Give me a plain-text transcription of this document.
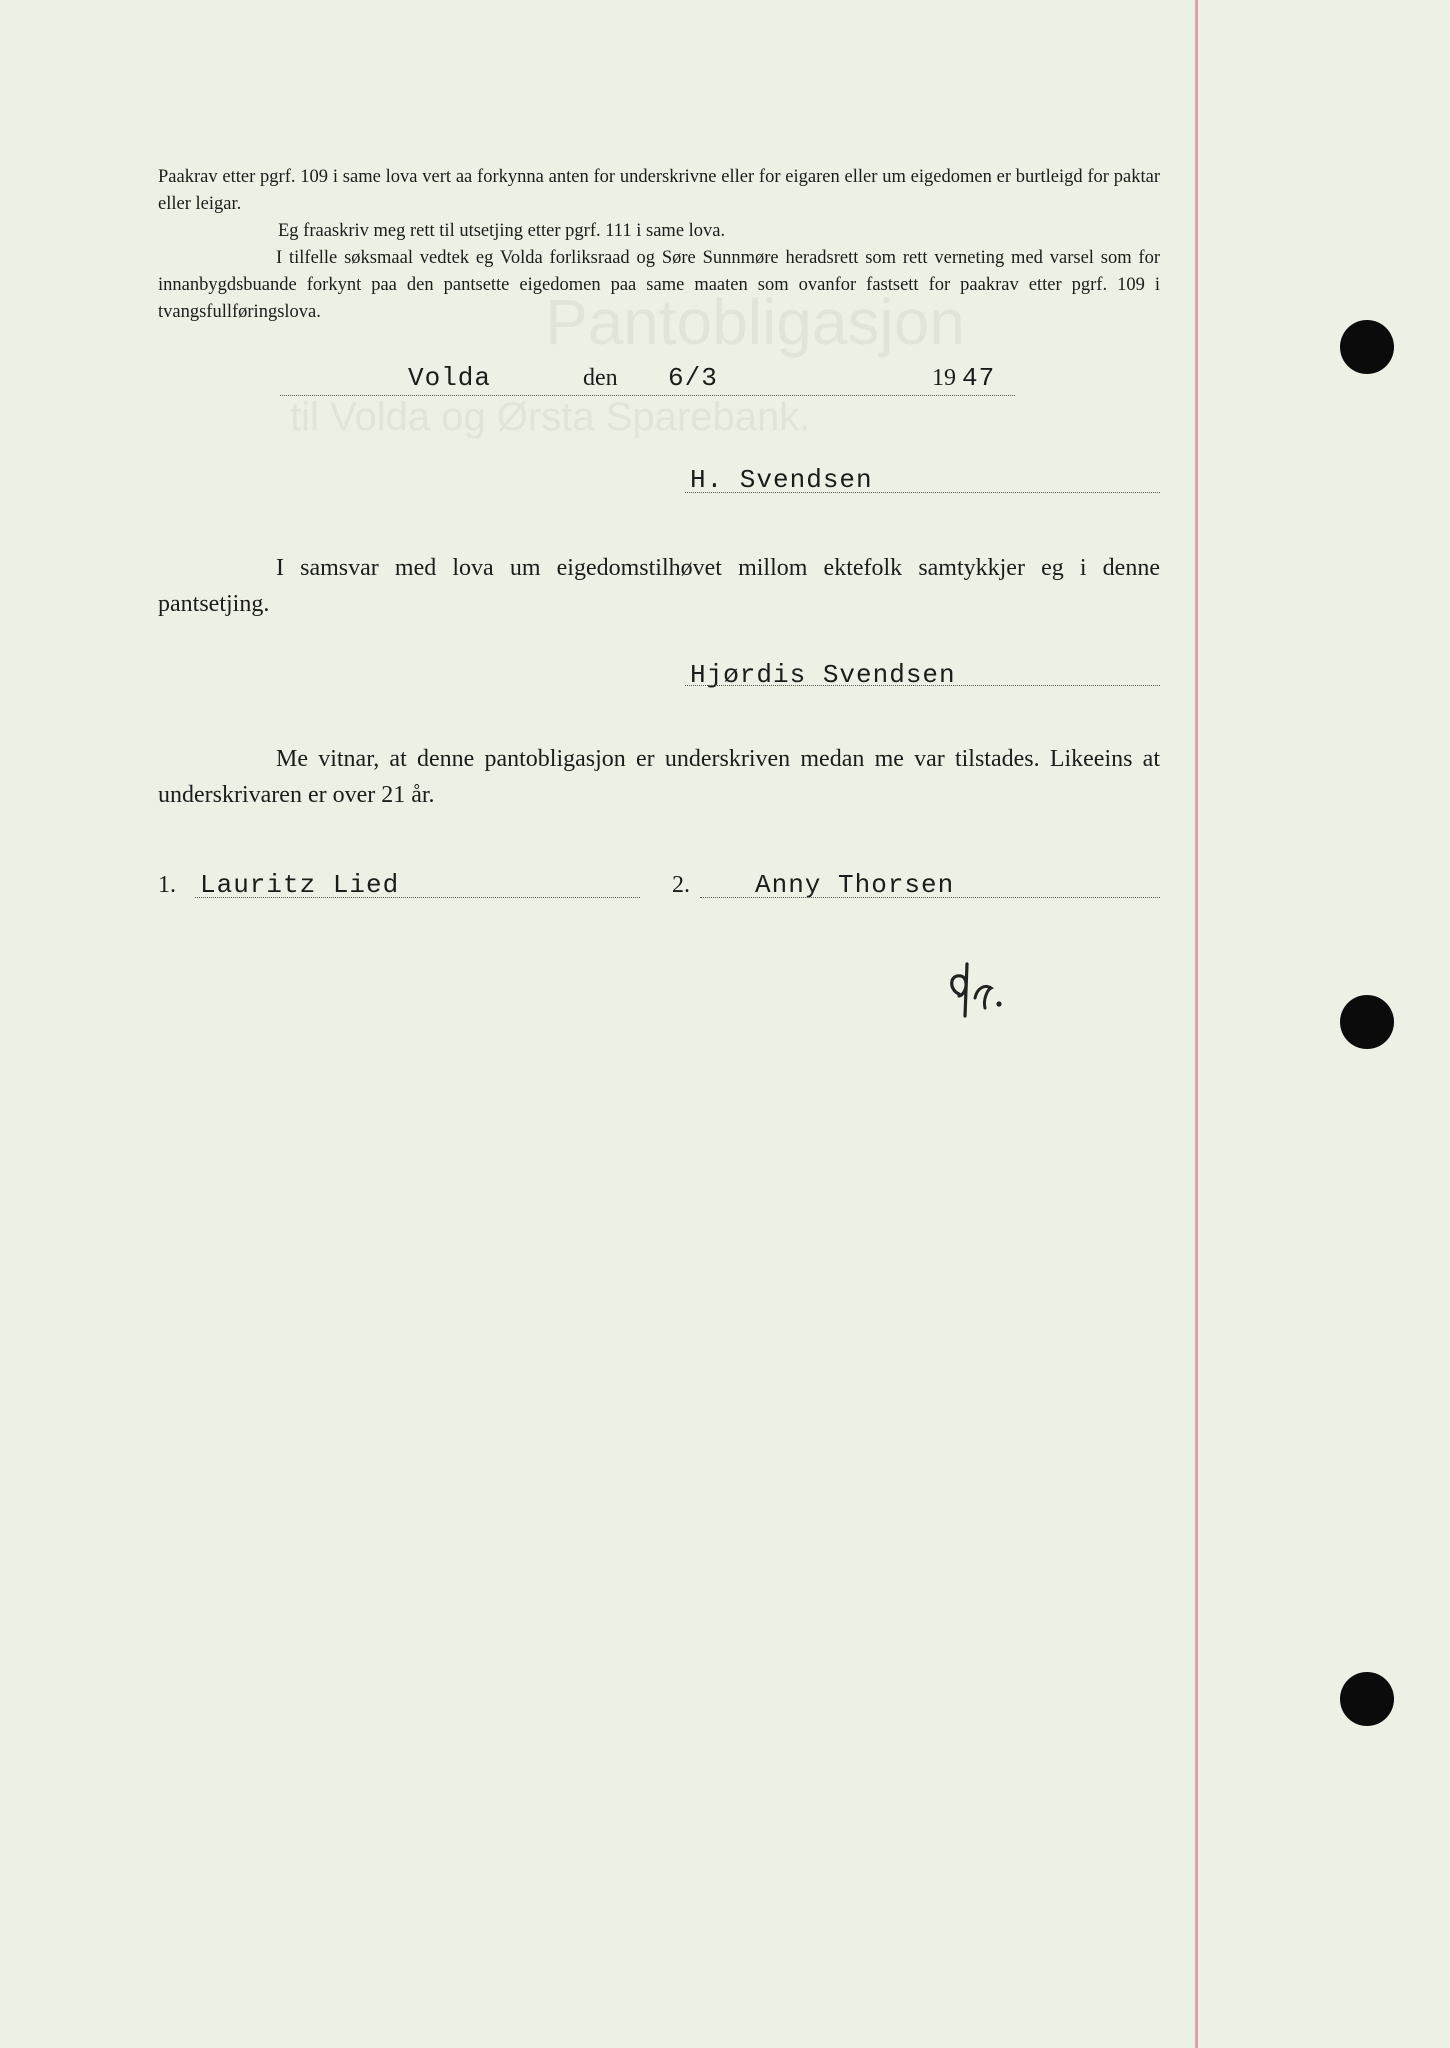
Pantobligasjon
til Volda og Ørsta Sparebank.

Paakrav etter pgrf. 109 i same lova vert aa forkynna anten for underskrivne eller for eigaren eller um eigedomen er burtleigd for paktar eller leigar.

Eg fraaskriv meg rett til utsetjing etter pgrf. 111 i same lova.

I tilfelle søksmaal vedtek eg Volda forliksraad og Søre Sunnmøre heradsrett som rett verneting med varsel som for innanbygdsbuande forkynt paa den pantsette eigedomen paa same maaten som ovanfor fastsett for paakrav etter pgrf. 109 i tvangsfullføringslova.

Volda	den 6/3	19 47
H. Svendsen

I samsvar med lova um eigedomstilhøvet millom ektefolk samtykkjer eg i denne pantsetjing.

Hjørdis Svendsen

Me vitnar, at denne pantobligasjon er underskriven medan me var tilstades. Likeeins at underskrivaren er over 21 år.

1. Lauritz Lied	2.	Anny Thorsen
